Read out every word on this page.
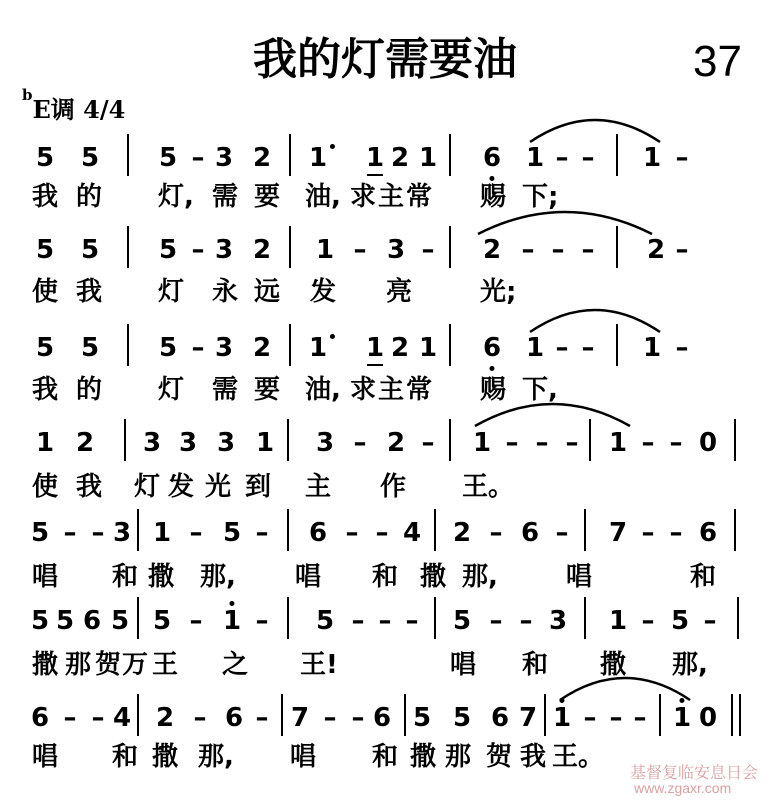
我的灯需要油	37
$^b$E调 4/4
5 5 5 – 3 2 1 1 2 1 6 1 – – 1 –
5 5 5 – 3 2 1 – 3 – 2 – – – 2 –
5 5 5 – 3 2 1 1 2 1 6 1 – – 1 –
1 2 3 3 3 1 3 – 2 – 1 – – – 1 – – 0
5 – – 3 1 – 5 – 6 – – 4 2 – 6 – 7 – – 6
5 5 6 5 5 – 1 – 5 – – – 5 – – 3 1 – 5 –
6 – – 4 2 – 6 – 7 – – 6 5 5 6 7 1 – – – 1 0
我 的 灯, 需 要 油, 求 主 常 赐 下;
使 我 灯 永 远 发 亮	光;
我 的 灯 需 要 油, 求 主 常 赐 下,
使 我 灯 发 光 到 主 作 王。
唱 和 撒 那, 唱 和 撒 那,	唱	和
撒 那 贺 万 王 之 王!	唱 和 撒 那,
唱 和 撒 那, 唱 和 撒 那 贺 我 王。
基督复临安息日会
www.zgaxr.com
